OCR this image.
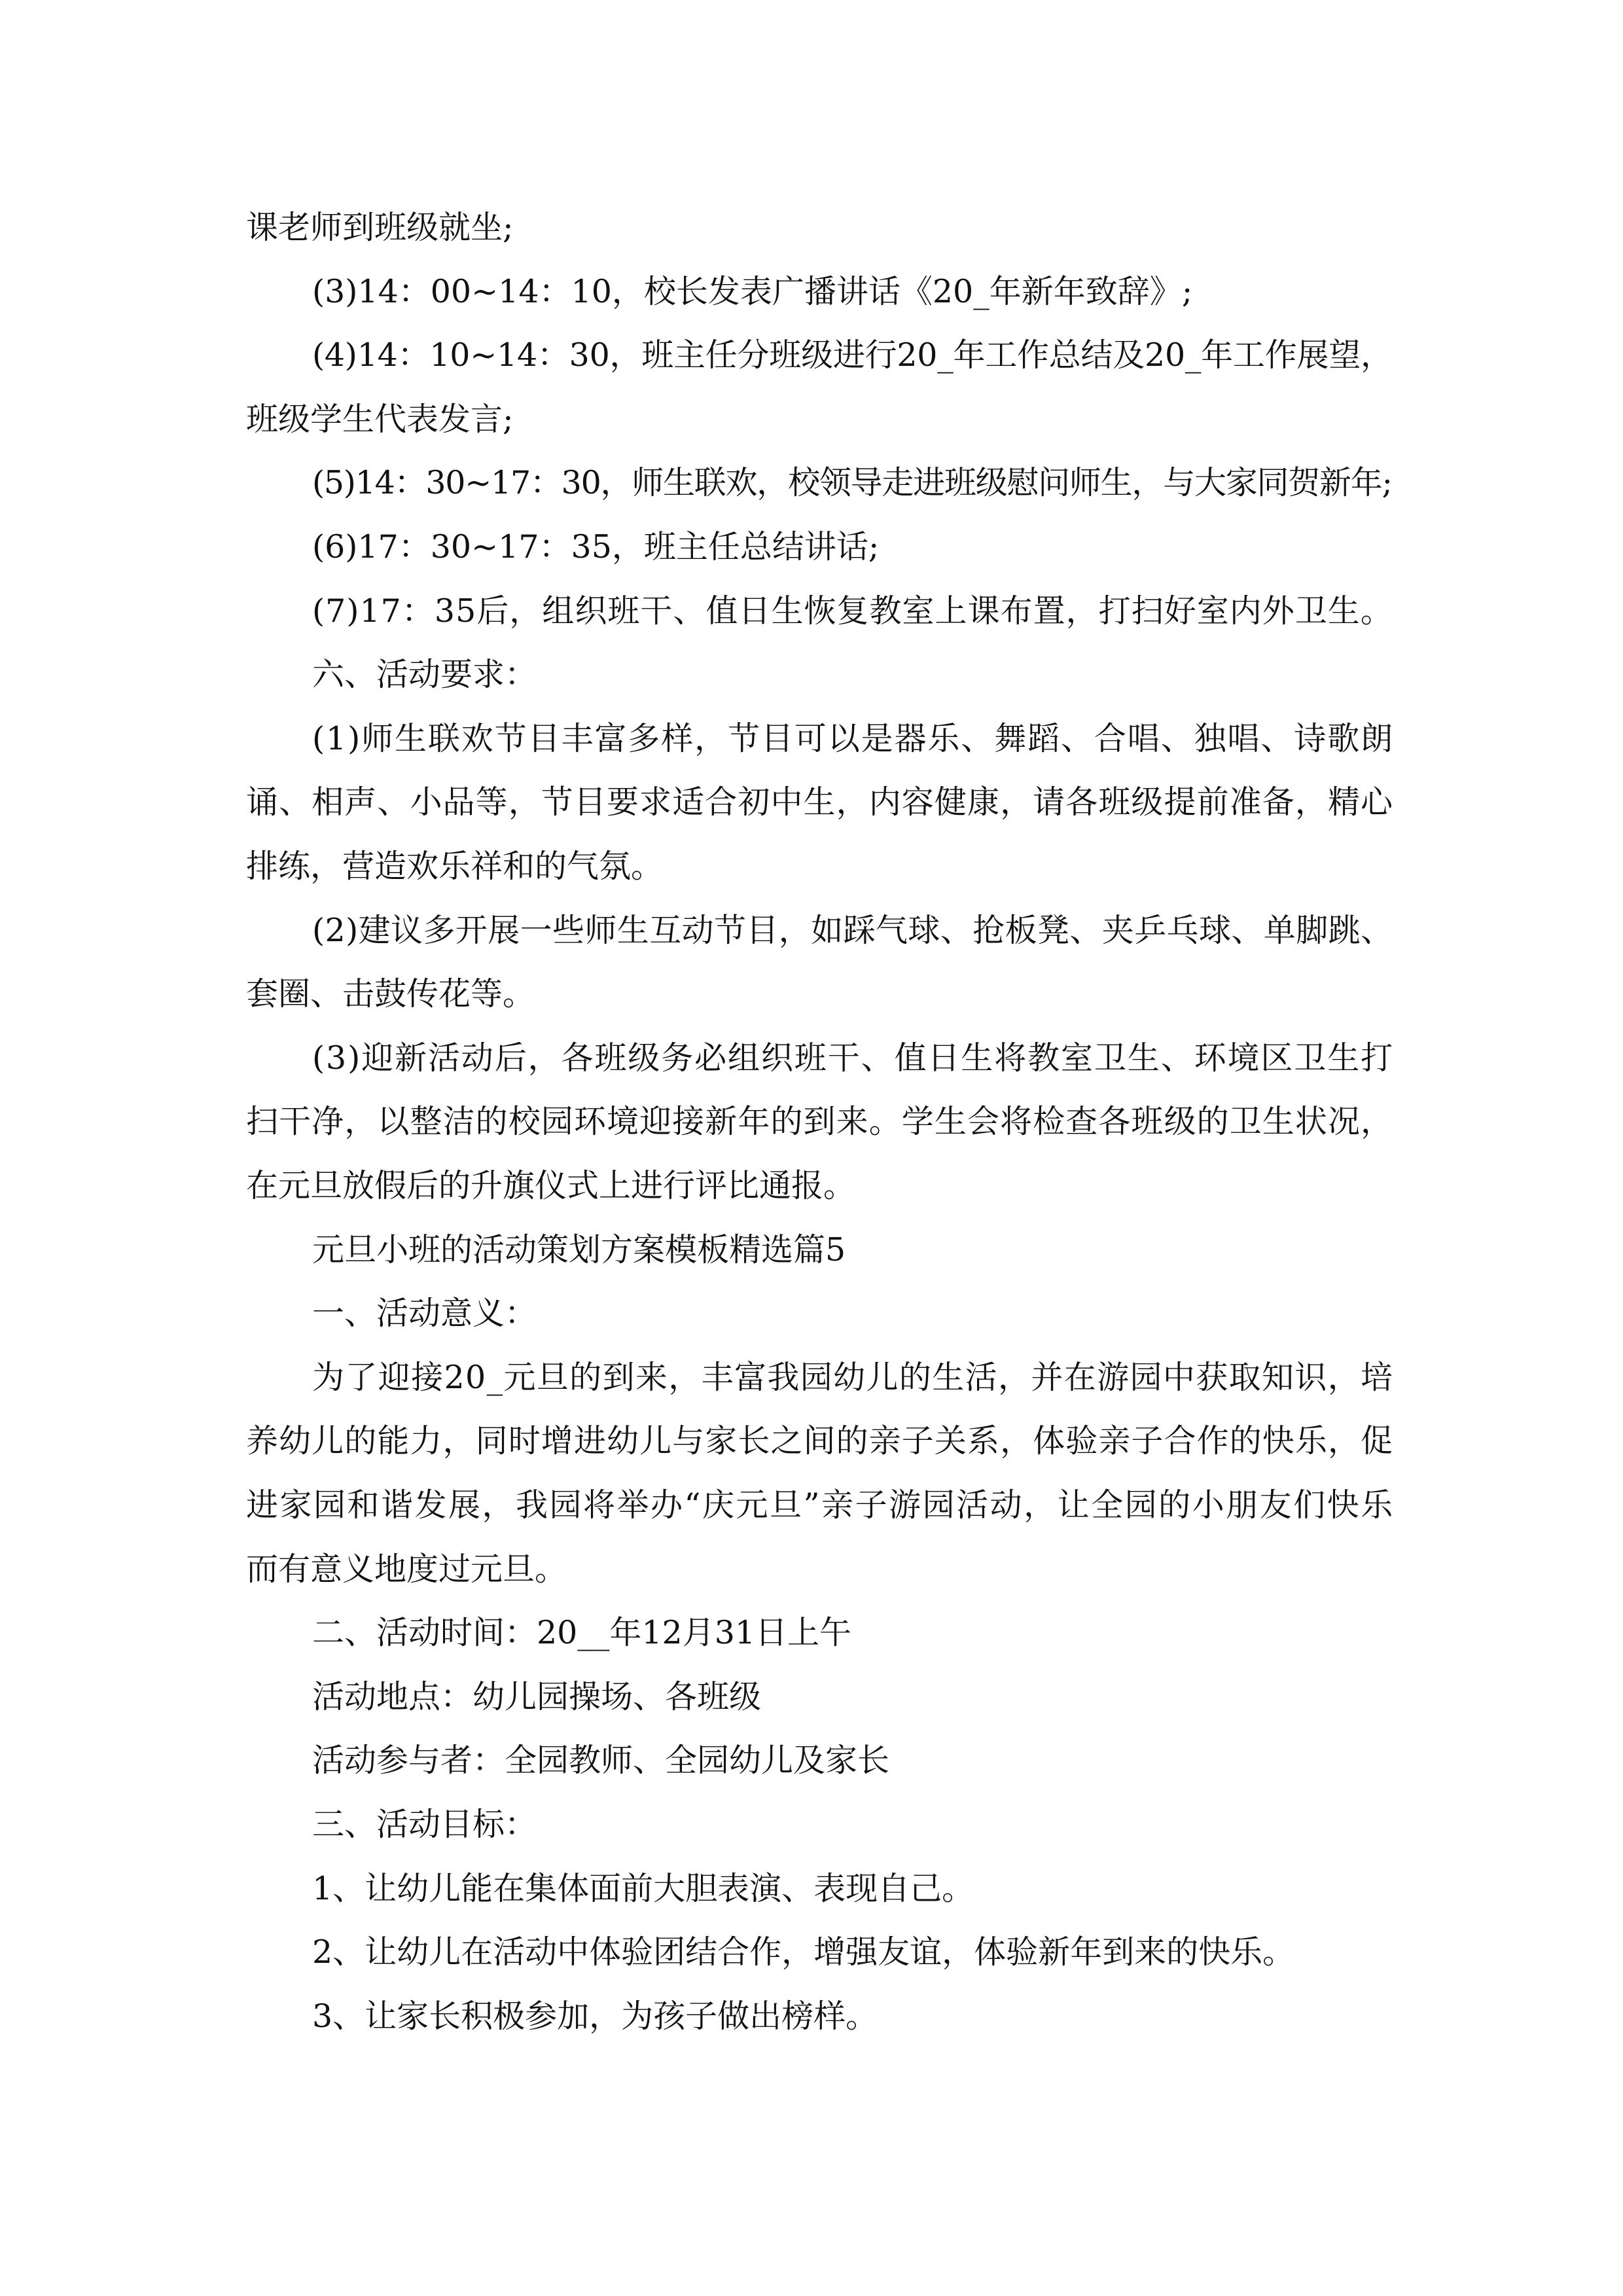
课老师到班级就坐;
(3)14：00~14：10，校长发表广播讲话《20_年新年致辞》;
(4)14：10~14：30，班主任分班级进行20_年工作总结及20_年工作展望，
班级学生代表发言;
(5)14：30~17：30，师生联欢，校领导走进班级慰问师生，与大家同贺新年;
(6)17：30~17：35，班主任总结讲话;
(7)17：35后，组织班干、值日生恢复教室上课布置，打扫好室内外卫生。
六、活动要求：
(1)师生联欢节目丰富多样，节目可以是器乐、舞蹈、合唱、独唱、诗歌朗
诵、相声、小品等，节目要求适合初中生，内容健康，请各班级提前准备，精心
排练，营造欢乐祥和的气氛。
(2)建议多开展一些师生互动节目，如踩气球、抢板凳、夹乒乓球、单脚跳、
套圈、击鼓传花等。
(3)迎新活动后，各班级务必组织班干、值日生将教室卫生、环境区卫生打
扫干净，以整洁的校园环境迎接新年的到来。学生会将检查各班级的卫生状况，
在元旦放假后的升旗仪式上进行评比通报。
元旦小班的活动策划方案模板精选篇5
一、活动意义：
为了迎接20_元旦的到来，丰富我园幼儿的生活，并在游园中获取知识，培
养幼儿的能力，同时增进幼儿与家长之间的亲子关系，体验亲子合作的快乐，促
进家园和谐发展，我园将举办“庆元旦”亲子游园活动，让全园的小朋友们快乐
而有意义地度过元旦。
二、活动时间：20__年12月31日上午
活动地点：幼儿园操场、各班级
活动参与者：全园教师、全园幼儿及家长
三、活动目标：
1、让幼儿能在集体面前大胆表演、表现自己。
2、让幼儿在活动中体验团结合作，增强友谊，体验新年到来的快乐。
3、让家长积极参加，为孩子做出榜样。
